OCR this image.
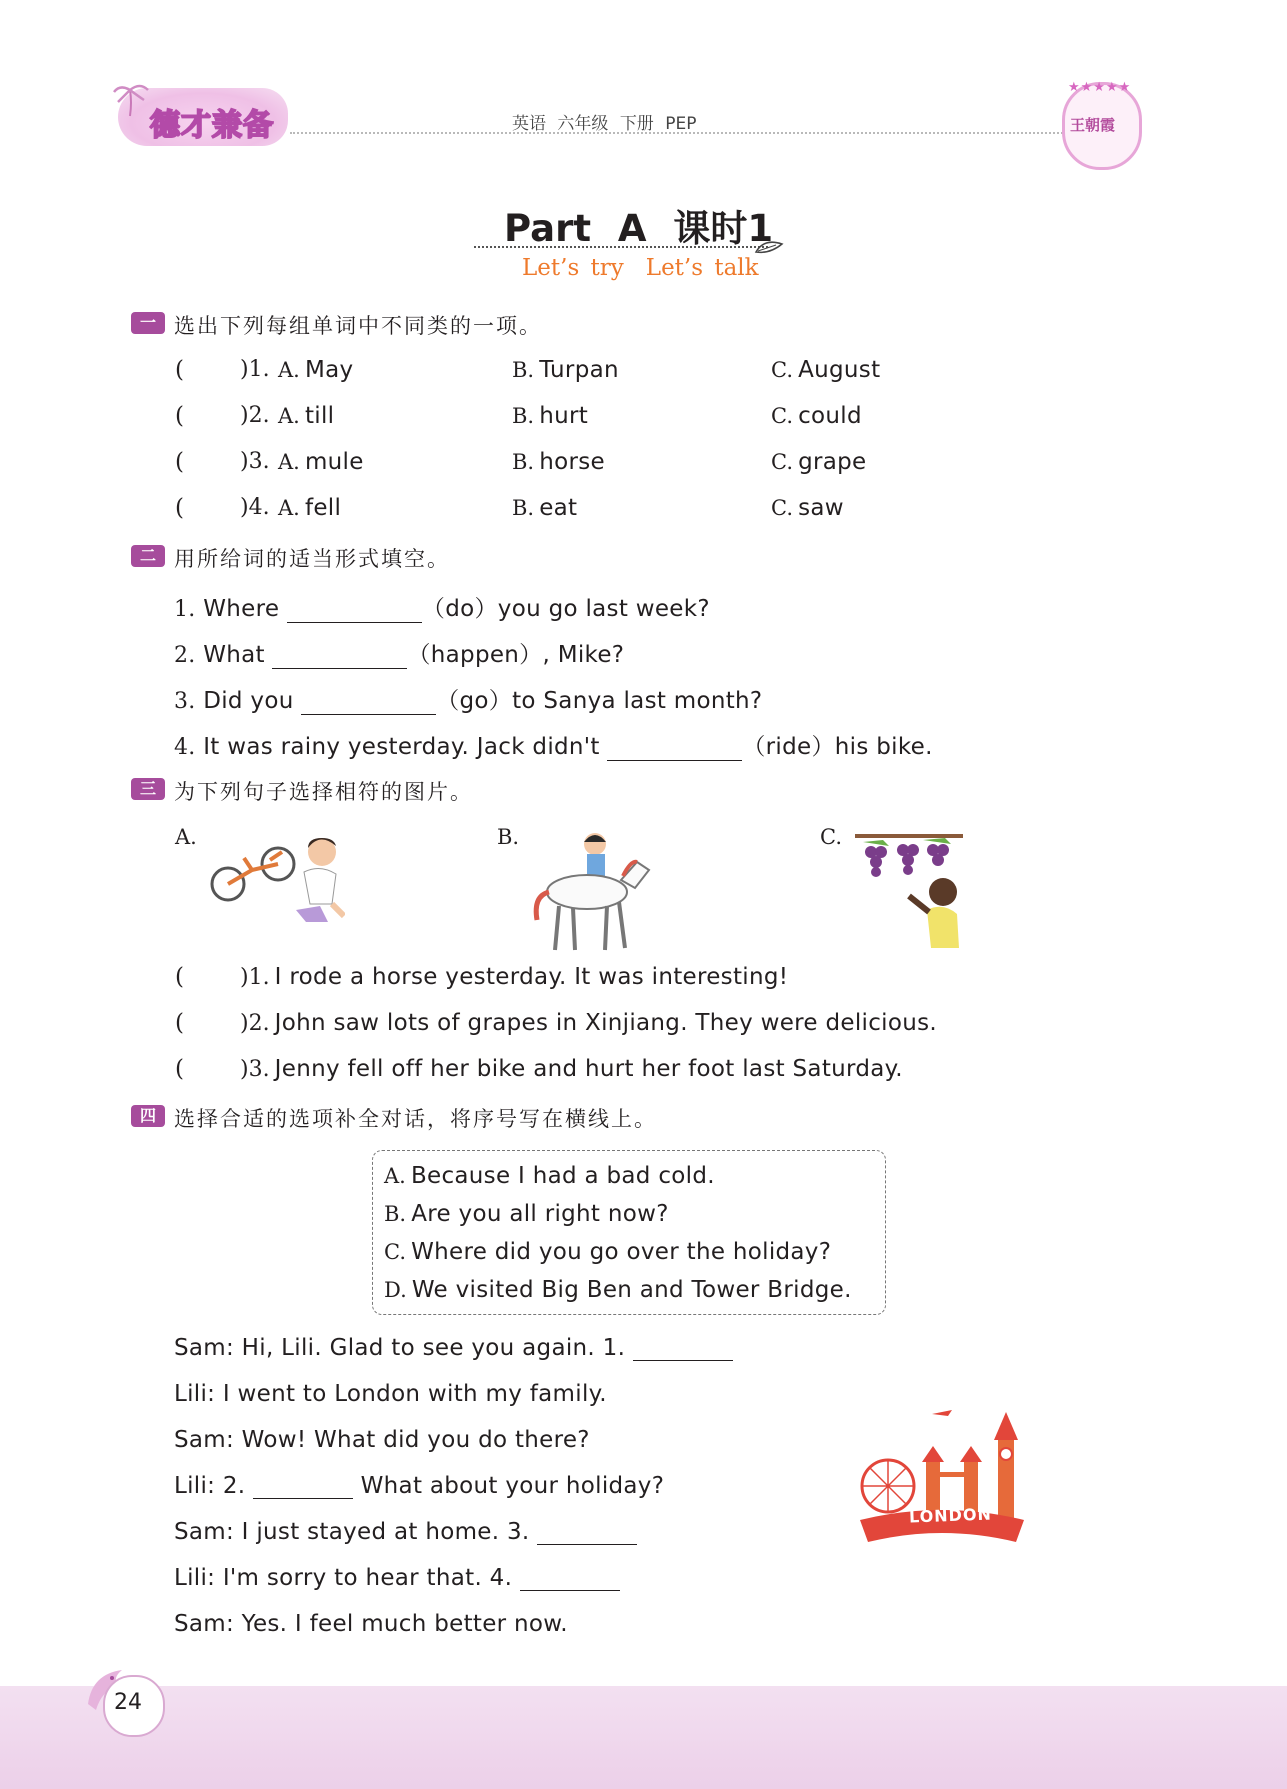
德才兼备	英语 六年级 下册 PEP
★★★★★
王朝霞
Part A 课时1
Let’s try Let’s talk
一 选出下列每组单词中不同类的一项。
(	)1. A. May	B. Turpan	C. August
(	)2. A. till	B. hurt	C. could
(	)3. A. mule	B. horse	C. grape
(	)4. A. fell	B. eat	C. saw
二 用所给词的适当形式填空。
1. Where	（do）you go last week?
2. What	（happen）, Mike?
3. Did you	（go）to Sanya last month?
4. It was rainy yesterday. Jack didn't	（ride）his bike.
三 为下列句子选择相符的图片。
A.	B.	C.
(	)1. I rode a horse yesterday. It was interesting!
(	)2. John saw lots of grapes in Xinjiang. They were delicious.
(	)3. Jenny fell off her bike and hurt her foot last Saturday.
四 选择合适的选项补全对话，将序号写在横线上。
A. Because I had a bad cold.
B. Are you all right now?
C. Where did you go over the holiday?
D. We visited Big Ben and Tower Bridge.
Sam: Hi, Lili. Glad to see you again. 1.
Lili: I went to London with my family.
Sam: Wow! What did you do there?
Lili: 2.	What about your holiday?
Sam: I just stayed at home. 3.
Lili: I'm sorry to hear that. 4.
Sam: Yes. I feel much better now.
LONDON
24
